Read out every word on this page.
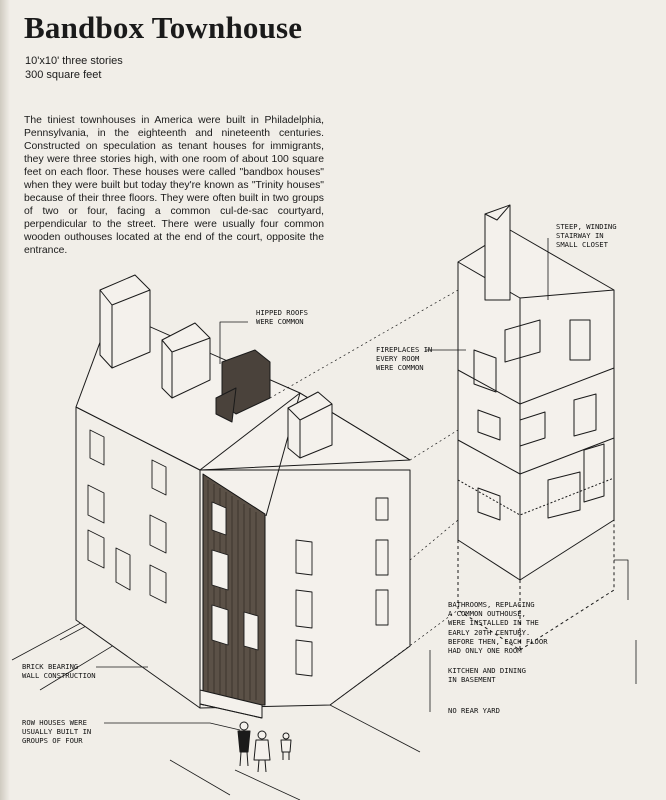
Bandbox Townhouse
10'x10' three stories
300 square feet

The tiniest townhouses in America were built in Philadelphia, Pennsylvania, in the eighteenth and nineteenth centuries. Constructed on speculation as tenant houses for immigrants, they were three stories high, with one room of about 100 square feet on each floor. These houses were called "bandbox houses" when they were built but today they're known as "Trinity houses" because of their three floors. They were often built in two groups of two or four, facing a common cul-de-sac courtyard, perpendicular to the street. There were usually four common wooden outhouses located at the end of the court, opposite the entrance.

HIPPED ROOFS
WERE COMMON
FIREPLACES IN
EVERY ROOM
WERE COMMON
STEEP, WINDING
STAIRWAY IN
SMALL CLOSET
BATHROOMS, REPLACING
A COMMON OUTHOUSE,
WERE INSTALLED IN THE
EARLY 20TH CENTURY.
BEFORE THEN, EACH FLOOR
HAD ONLY ONE ROOM
KITCHEN AND DINING
IN BASEMENT
NO REAR YARD
BRICK BEARING
WALL CONSTRUCTION
ROW HOUSES WERE
USUALLY BUILT IN
GROUPS OF FOUR
